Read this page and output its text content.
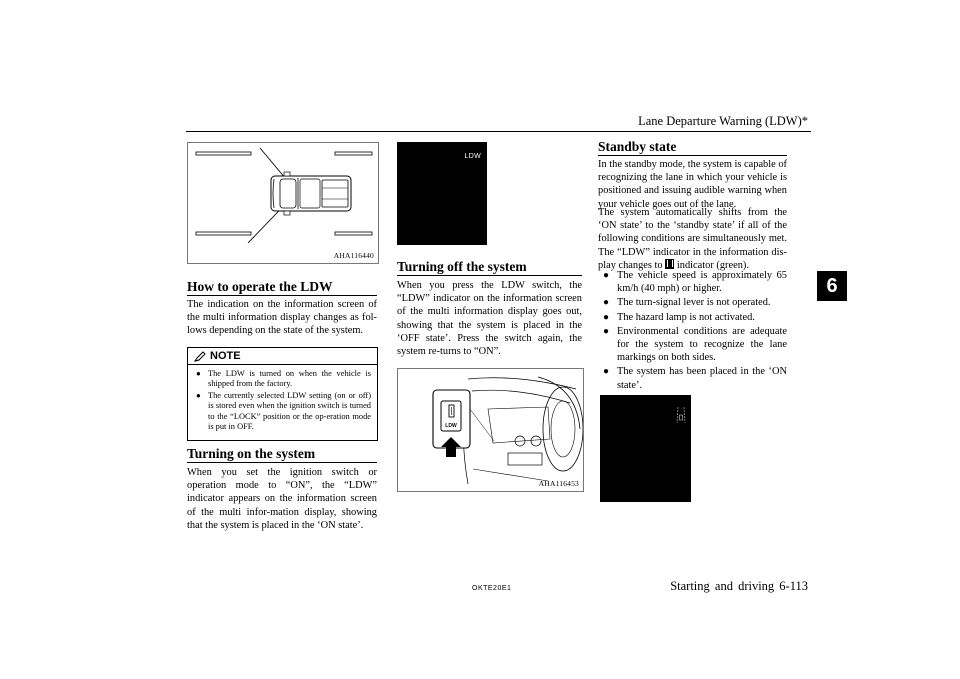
Lane Departure Warning (LDW)*
6
AHA116440
How to operate the LDW

The indication on the information screen of the multi information display changes as fol-lows depending on the state of the system.

NOTE
● The LDW is turned on when the vehicle is shipped from the factory.
● The currently selected LDW setting (on or off) is stored even when the ignition switch is turned to the “LOCK” position or the op-eration mode is put in OFF.
Turning on the system

When you set the ignition switch or operation mode to “ON”, the “LDW” indicator appears on the information screen of the multi infor-mation display, showing that the system is placed in the ‘ON state’.

LDW
Turning off the system

When you press the LDW switch, the “LDW” indicator on the information screen of the multi information display goes out, showing that the system is placed in the ‘OFF state’. Press the switch again, the system re-turns to “ON”.

LDW
AHA116453
Standby state

In the standby mode, the system is capable of recognizing the lane in which your vehicle is positioned and issuing audible warning when your vehicle goes out of the lane.

The system automatically shifts from the ‘ON state’ to the ‘standby state’ if all of the following conditions are simultaneously met. The “LDW” indicator in the information dis-play changes to indicator (green).

● The vehicle speed is approximately 65 km/h (40 mph) or higher.
● The turn-signal lever is not operated.
● The hazard lamp is not activated.
● Environmental conditions are adequate for the system to recognize the lane markings on both sides.
● The system has been placed in the ‘ON state’.
OKTE20E1	Starting and driving 6-113
